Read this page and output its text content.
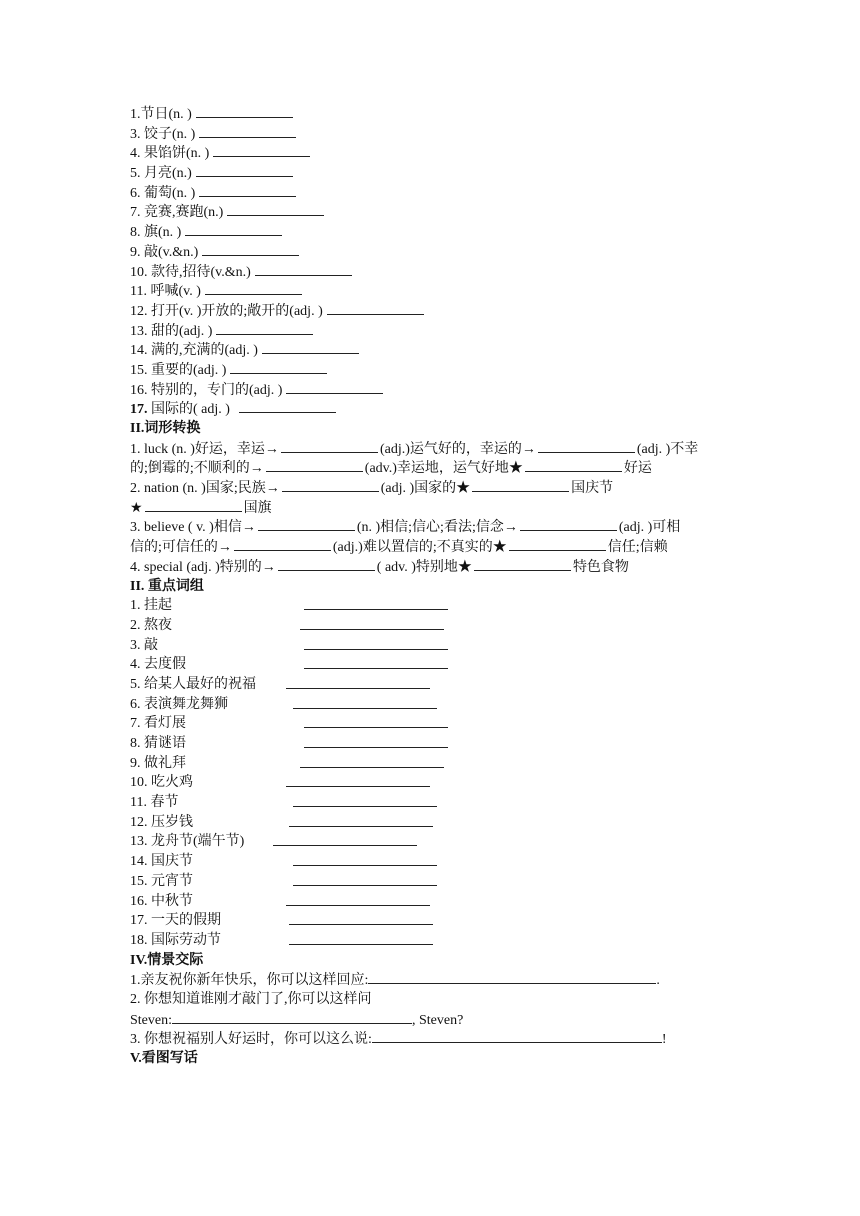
1.节日(n. )
3. 饺子(n. )
4. 果馅饼(n. )
5. 月亮(n.)
6. 葡萄(n. )
7. 竞赛,赛跑(n.)
8. 旗(n. )
9. 敲(v.&n.)
10. 款待,招待(v.&n.)
11. 呼喊(v. )
12. 打开(v. )开放的;敞开的(adj. )
13. 甜的(adj. )
14. 满的,充满的(adj. )
15. 重要的(adj. )
16. 特别的，专门的(adj. )
17. 国际的( adj. )
II.词形转换
1. luck (n. )好运，幸运→	(adj.)运气好的，幸运的→	(adj. )不幸
的;倒霉的;不顺利的→	(adv.)幸运地，运气好地★	好运
2. nation (n. )国家;民族→	(adj. )国家的★	国庆节
★	国旗
3. believe ( v. )相信→	(n. )相信;信心;看法;信念→	(adj. )可相
信的;可信任的→	(adj.)难以置信的;不真实的★	信任;信赖
4. special (adj. )特别的→	( adv. )特别地★	特色食物
II. 重点词组
1. 挂起
2. 熬夜
3. 敲
4. 去度假
5. 给某人最好的祝福
6. 表演舞龙舞狮
7. 看灯展
8. 猜谜语
9. 做礼拜
10. 吃火鸡
11. 春节
12. 压岁钱
13. 龙舟节(端午节)
14. 国庆节
15. 元宵节
16. 中秋节
17. 一天的假期
18. 国际劳动节
IV.情景交际
1.亲友祝你新年快乐，你可以这样回应:	.
2. 你想知道谁刚才敲门了,你可以这样问
Steven:	, Steven?
3. 你想祝福别人好运时，你可以这么说:	!
V.看图写话
